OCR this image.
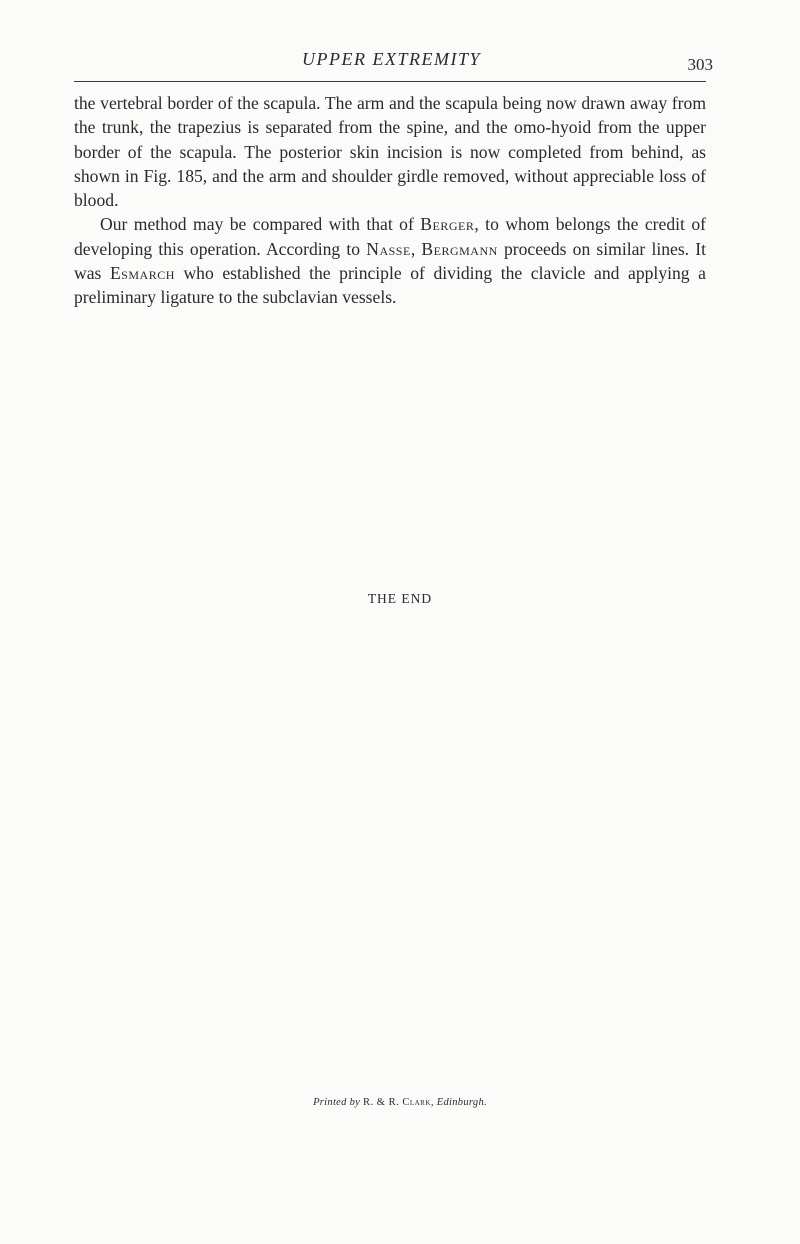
UPPER EXTREMITY	303

the vertebral border of the scapula. The arm and the scapula being now drawn away from the trunk, the trapezius is separated from the spine, and the omo-hyoid from the upper border of the scapula. The posterior skin incision is now completed from behind, as shown in Fig. 185, and the arm and shoulder girdle removed, without appreciable loss of blood.

Our method may be compared with that of Berger, to whom belongs the credit of developing this operation. According to Nasse, Bergmann proceeds on similar lines. It was Esmarch who established the principle of dividing the clavicle and applying a preliminary ligature to the subclavian vessels.

THE END
Printed by R. & R. Clark, Edinburgh.
